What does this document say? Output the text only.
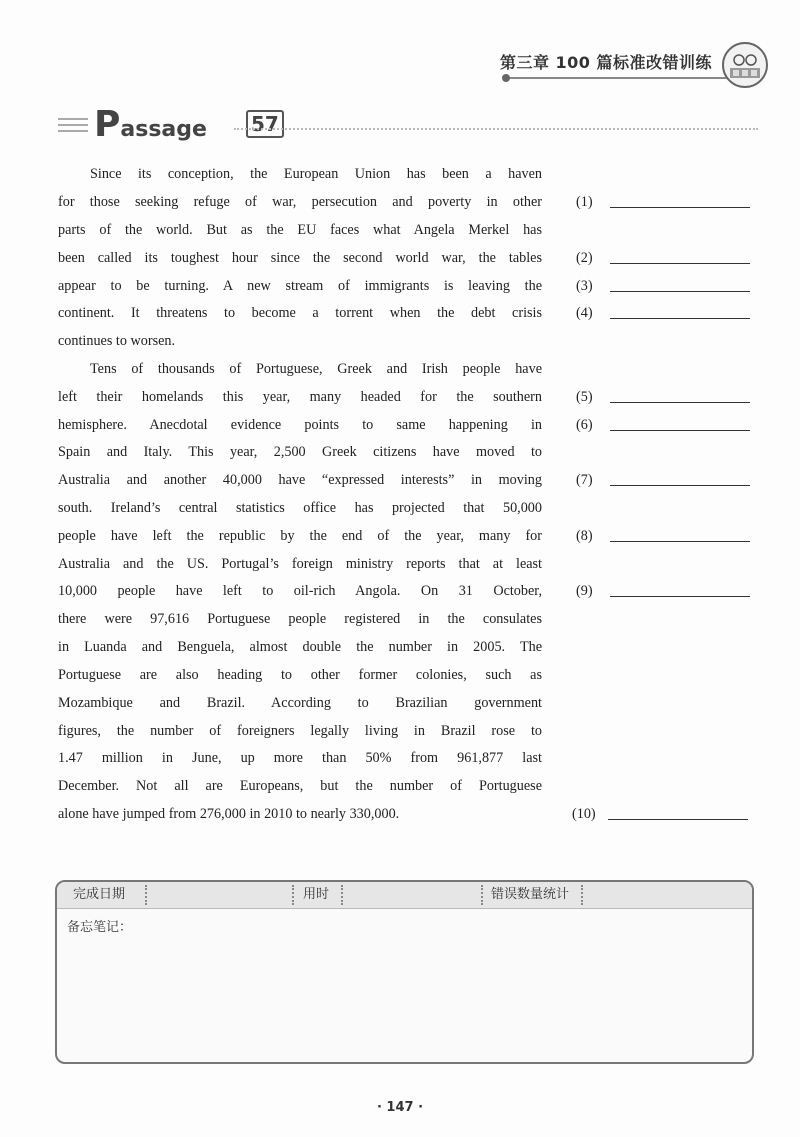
第三章 100 篇标准改错训练
Passage 57
Since its conception, the European Union has been a haven
for those seeking refuge of war, persecution and poverty in other
parts of the world. But as the EU faces what Angela Merkel has
been called its toughest hour since the second world war, the tables
appear to be turning. A new stream of immigrants is leaving the
continent. It threatens to become a torrent when the debt crisis
continues to worsen.
Tens of thousands of Portuguese, Greek and Irish people have
left their homelands this year, many headed for the southern
hemisphere. Anecdotal evidence points to same happening in
Spain and Italy. This year, 2,500 Greek citizens have moved to
Australia and another 40,000 have “expressed interests” in moving
south. Ireland’s central statistics office has projected that 50,000
people have left the republic by the end of the year, many for
Australia and the US. Portugal’s foreign ministry reports that at least
10,000 people have left to oil-rich Angola. On 31 October,
there were 97,616 Portuguese people registered in the consulates
in Luanda and Benguela, almost double the number in 2005. The
Portuguese are also heading to other former colonies, such as
Mozambique and Brazil. According to Brazilian government
figures, the number of foreigners legally living in Brazil rose to
1.47 million in June, up more than 50% from 961,877 last
December. Not all are Europeans, but the number of Portuguese
alone have jumped from 276,000 in 2010 to nearly 330,000.
(1)
(2)
(3)
(4)
(5)
(6)
(7)
(8)
(9)
(10)
完成日期	用时	错误数量统计
备忘笔记：
· 147 ·
